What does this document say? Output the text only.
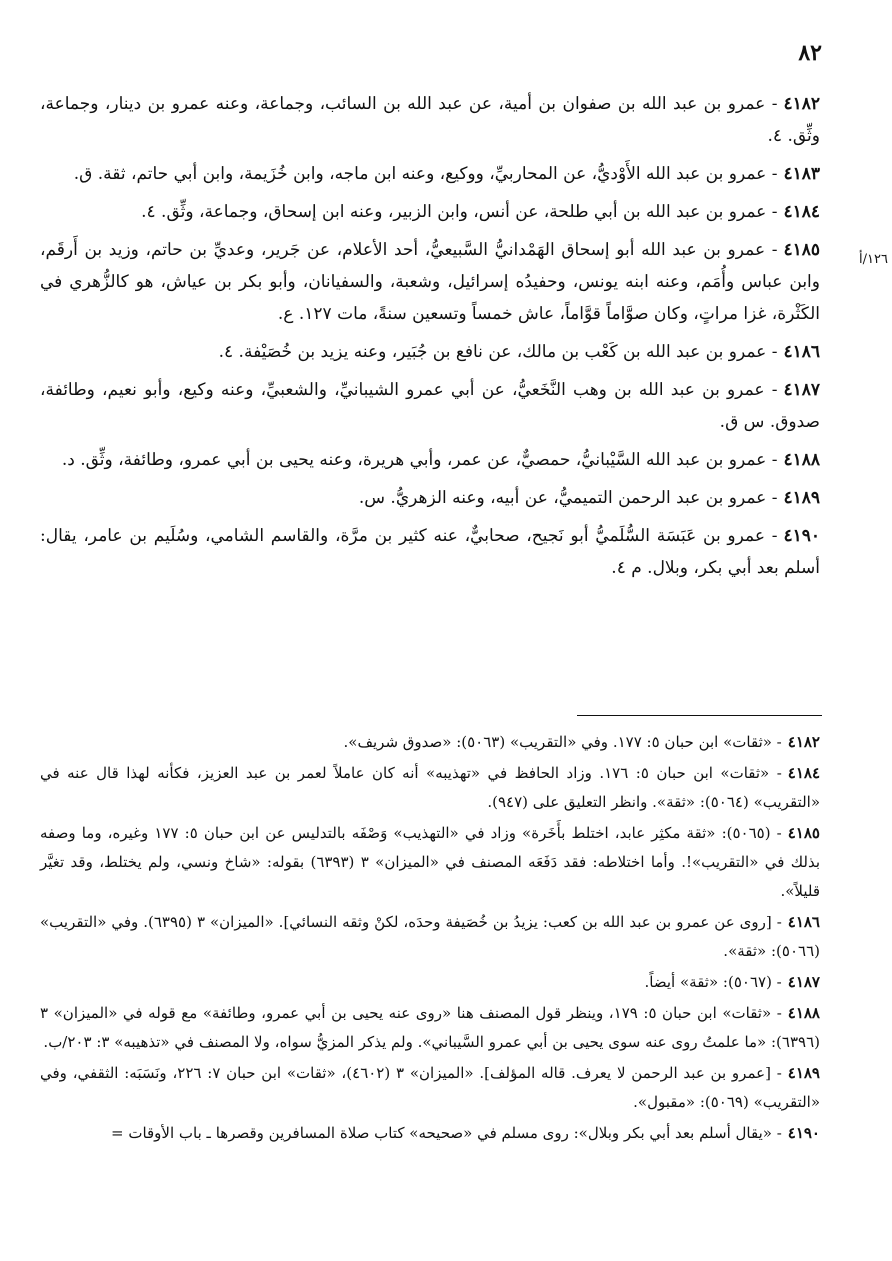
٨٢
١٢٦/أ
٤١٨٢- عمرو بن عبد الله بن صفوان بن أمية، عن عبد الله بن السائب، وجماعة، وعنه عمرو بن دينار، وجماعة، وثِّق. ٤.
٤١٨٣- عمرو بن عبد الله الأَوْديُّ، عن المحاربيِّ، ووكيع، وعنه ابن ماجه، وابن خُزَيمة، وابن أبي حاتم، ثقة. ق.
٤١٨٤- عمرو بن عبد الله بن أبي طلحة، عن أنس، وابن الزبير، وعنه ابن إسحاق، وجماعة، وثِّق. ٤.
٤١٨٥- عمرو بن عبد الله أبو إسحاق الهَمْدانيُّ السَّبيعيُّ، أحد الأعلام، عن جَرير، وعديِّ بن حاتم، وزيد بن أَرقَم، وابن عباس وأُمَم، وعنه ابنه يونس، وحفيدُه إسرائيل، وشعبة، والسفيانان، وأبو بكر بن عياش، هو كالزُّهري في الكَثْرة، غزا مراتٍ، وكان صوَّاماً قوَّاماً، عاش خمساً وتسعين سنةً، مات ١٢٧. ع.
٤١٨٦- عمرو بن عبد الله بن كَعْب بن مالك، عن نافع بن جُبَير، وعنه يزيد بن خُصَيْفة. ٤.
٤١٨٧- عمرو بن عبد الله بن وهب النَّخَعيُّ، عن أبي عمرو الشيبانيِّ، والشعبيِّ، وعنه وكيع، وأبو نعيم، وطائفة، صدوق. س ق.
٤١٨٨- عمرو بن عبد الله السَّيْبانيُّ، حمصيٌّ، عن عمر، وأبي هريرة، وعنه يحيى بن أبي عمرو، وطائفة، وثِّق. د.
٤١٨٩- عمرو بن عبد الرحمن التميميُّ، عن أبيه، وعنه الزهريُّ. س.
٤١٩٠- عمرو بن عَبَسَة السُّلَميُّ أبو نَجيح، صحابيٌّ، عنه كثير بن مرَّة، والقاسم الشامي، وسُلَيم بن عامر، يقال: أسلم بعد أبي بكر، وبلال. م ٤.
٤١٨٢- «ثقات» ابن حبان ٥: ١٧٧. وفي «التقريب» (٥٠٦٣): «صدوق شريف».
٤١٨٤- «ثقات» ابن حبان ٥: ١٧٦. وزاد الحافظ في «تهذيبه» أنه كان عاملاً لعمر بن عبد العزيز، فكأنه لهذا قال عنه في «التقريب» (٥٠٦٤): «ثقة». وانظر التعليق على (٩٤٧).
٤١٨٥- (٥٠٦٥): «ثقة مكثِر عابد، اختلط بأَخَرة» وزاد في «التهذيب» وَصْفَه بالتدليس عن ابن حبان ٥: ١٧٧ وغيره، وما وصفه بذلك في «التقريب»!. وأما اختلاطه: فقد دَفَعَه المصنف في «الميزان» ٣ (٦٣٩٣) بقوله: «شاخ ونسي، ولم يختلط، وقد تغيَّر قليلاً».
٤١٨٦- [روى عن عمرو بن عبد الله بن كعب: يزيدُ بن خُصَيفة وحدَه، لكنْ وثقه النسائي]. «الميزان» ٣ (٦٣٩٥). وفي «التقريب» (٥٠٦٦): «ثقة».
٤١٨٧- (٥٠٦٧): «ثقة» أيضاً.
٤١٨٨- «ثقات» ابن حبان ٥: ١٧٩، وينظر قول المصنف هنا «روى عنه يحيى بن أبي عمرو، وطائفة» مع قوله في «الميزان» ٣ (٦٣٩٦): «ما علمتُ روى عنه سوى يحيى بن أبي عمرو السَّيباني». ولم يذكر المزيُّ سواه، ولا المصنف في «تذهيبه» ٣: ٢٠٣/ب.
٤١٨٩- [عمرو بن عبد الرحمن لا يعرف. قاله المؤلف]. «الميزان» ٣ (٤٦٠٢)، «ثقات» ابن حبان ٧: ٢٢٦، ونَسَبَه: الثقفي، وفي «التقريب» (٥٠٦٩): «مقبول».
٤١٩٠- «يقال أسلم بعد أبي بكر وبلال»: روى مسلم في «صحيحه» كتاب صلاة المسافرين وقصرها ـ باب الأوقات =
